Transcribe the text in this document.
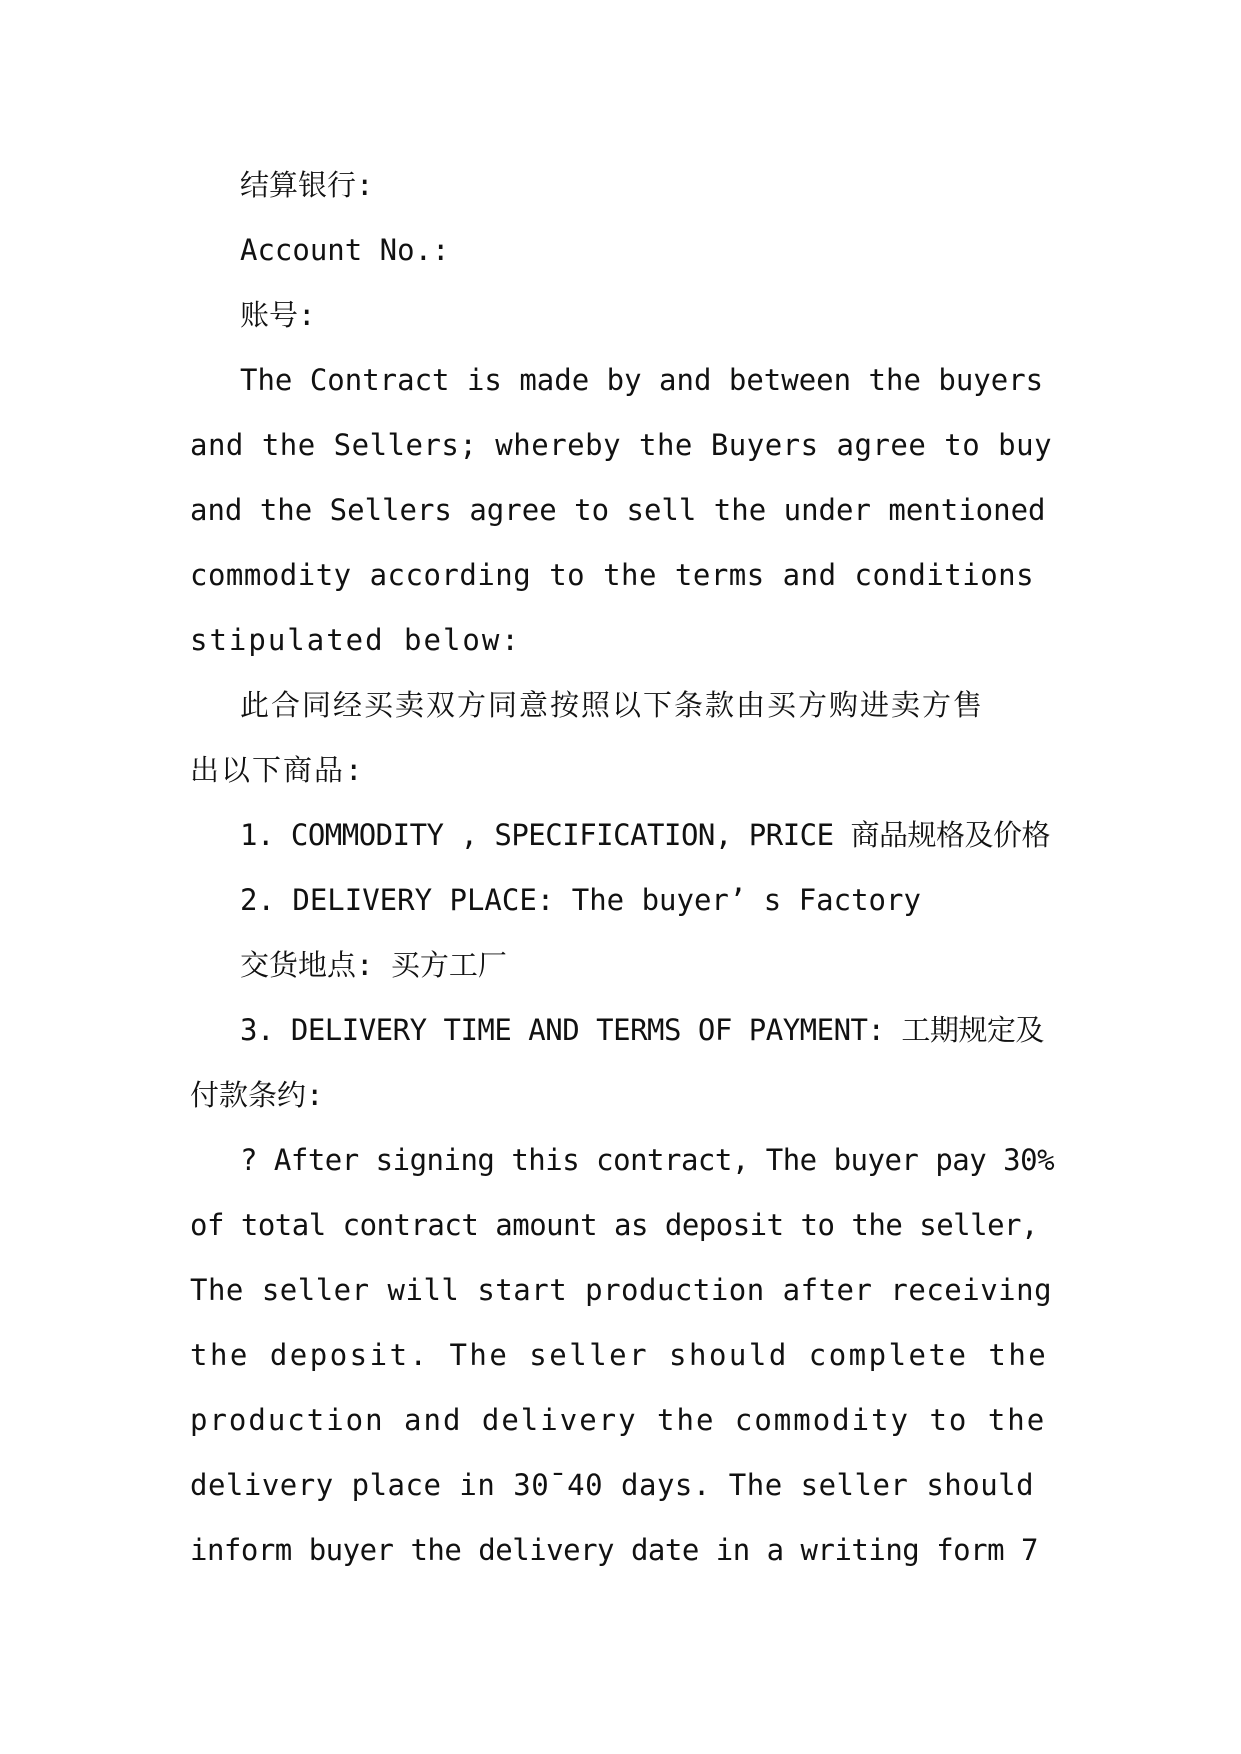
结算银行:
Account No.:
账号:
The Contract is made by and between the buyers
and the Sellers; whereby the Buyers agree to buy
and the Sellers agree to sell the under mentioned
commodity according to the terms and conditions
stipulated below:
此合同经买卖双方同意按照以下条款由买方购进卖方售
出以下商品:
1. COMMODITY , SPECIFICATION, PRICE 商品规格及价格
2. DELIVERY PLACE: The buyer’ s Factory
交货地点: 买方工厂
3. DELIVERY TIME AND TERMS OF PAYMENT: 工期规定及
付款条约:
? After signing this contract, The buyer pay 30%
of total contract amount as deposit to the seller,
The seller will start production after receiving
the deposit. The seller should complete the
production and delivery the commodity to the
delivery place in 30¯40 days. The seller should
inform buyer the delivery date in a writing form 7
